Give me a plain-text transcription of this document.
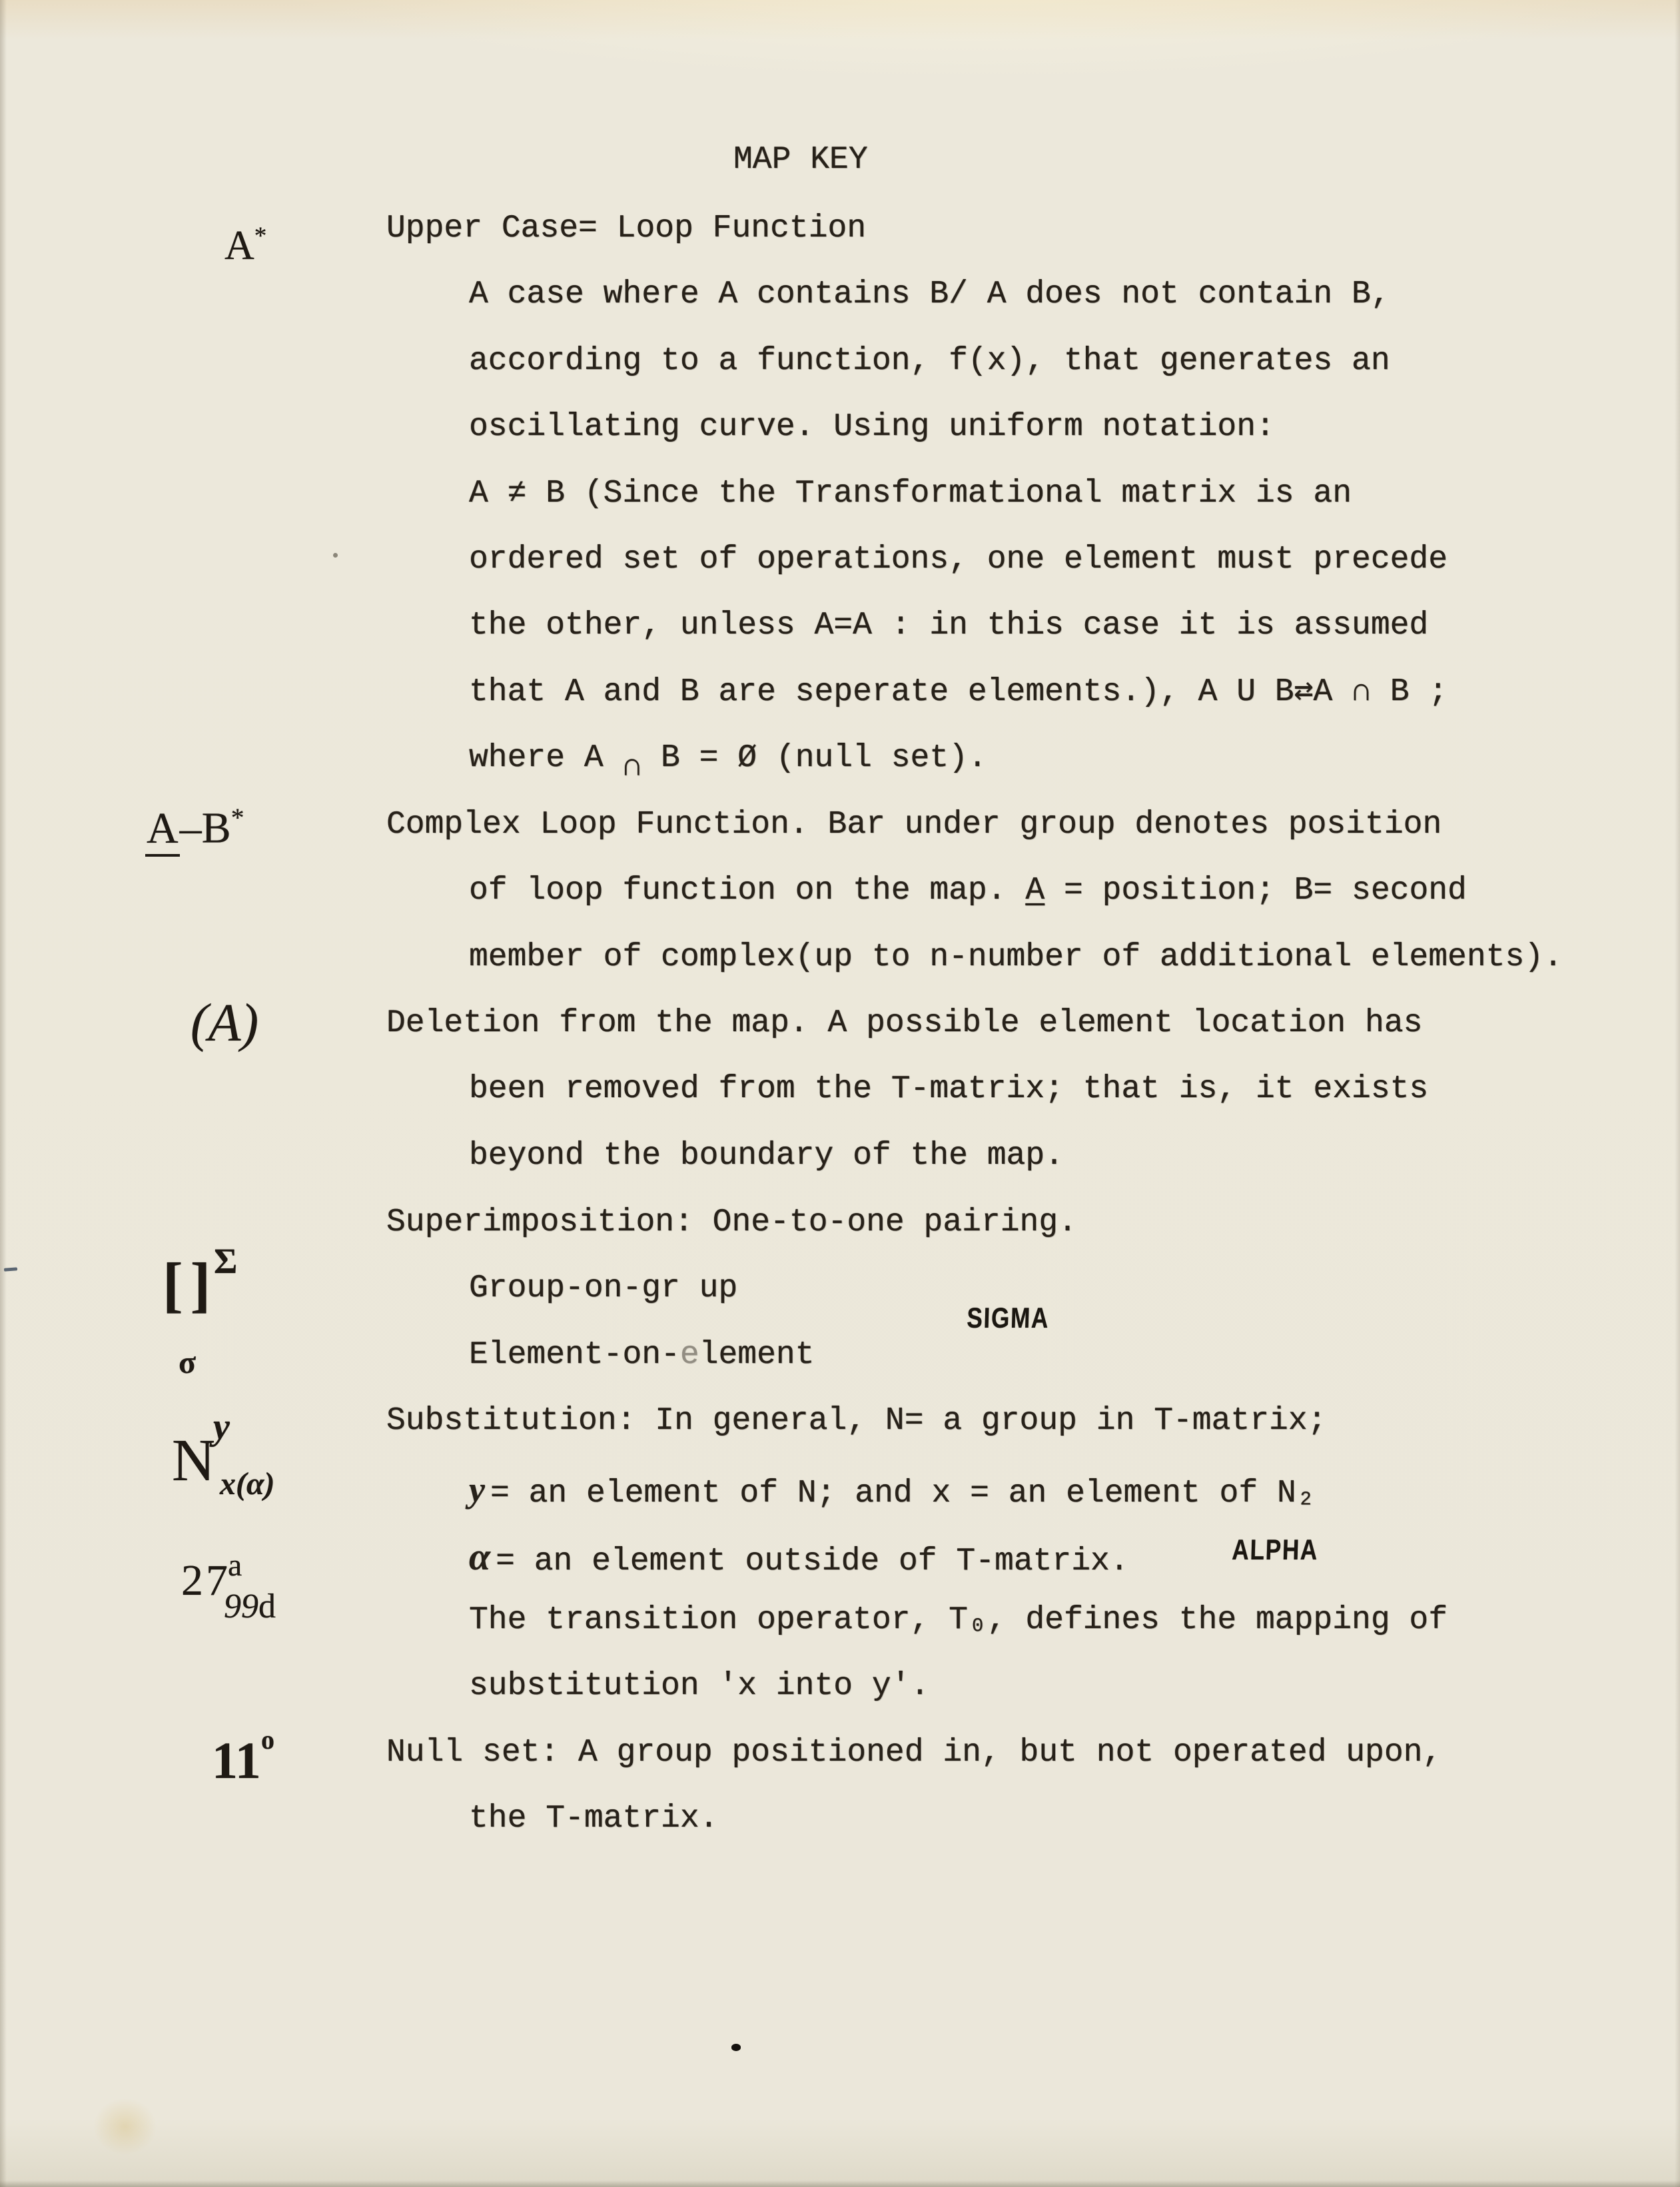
MAP KEY
Upper Case= Loop Function
A case where A contains B/ A does not contain B,
according to a function, f(x), that generates an
oscillating curve. Using uniform notation:
A ≠ B (Since the Transformational matrix is an
ordered set of operations, one element must precede
the other, unless A=A : in this case it is assumed
that A and B are seperate elements.), A U B⇄A ∩ B ;
where A ∩ B = Ø (null set).
Complex Loop Function. Bar under group denotes position
of loop function on the map. A = position; B= second
member of complex(up to n-number of additional elements).
Deletion from the map. A possible element location has
been removed from the T-matrix; that is, it exists
beyond the boundary of the map.
Superimposition: One-to-one pairing.
Group-on-gr up
Element-on-element
Substitution: In general, N= a group in T-matrix;
y = an element of N; and x = an element of N₂
α = an element outside of T-matrix.
The transition operator, T₀, defines the mapping of
substitution 'x into y'.
Null set: A group positioned in, but not operated upon,
the T-matrix.
A*
A–B*
(A)
[ ] Σ
σ
N
y
x(α)
27
a
99d
11 o
SIGMA
ALPHA
